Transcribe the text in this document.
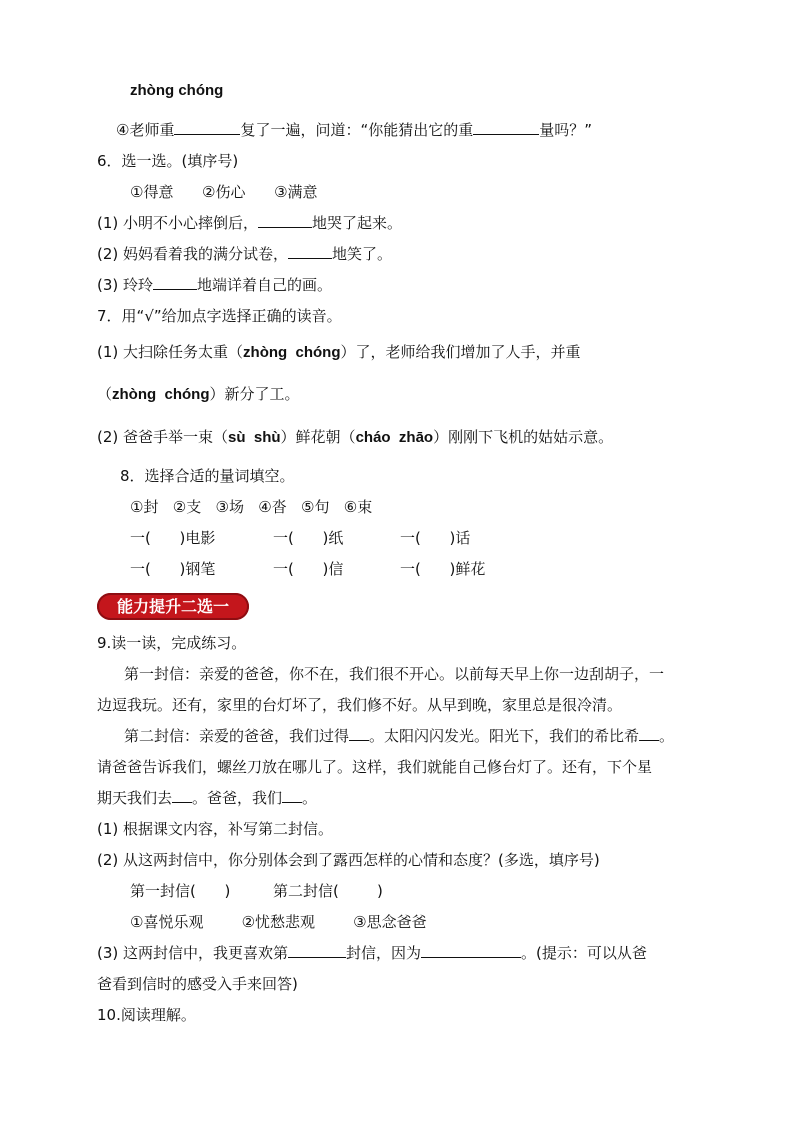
zhòng chóng
④老师重	复了一遍，问道：“你能猜出它的重	量吗？”
6．选一选。(填序号)
①得意      ②伤心      ③满意
(1) 小明不小心摔倒后，	地哭了起来。
(2) 妈妈看着我的满分试卷，	地笑了。
(3) 玲玲	地端详着自己的画。
7．用“√”给加点字选择正确的读音。
(1) 大扫除任务太重（zhòng  chóng）了，老师给我们增加了人手，并重
（zhòng  chóng）新分了工。
(2) 爸爸手举一束（sù  shù）鲜花朝（cháo  zhāo）刚刚下飞机的姑姑示意。
8．选择合适的量词填空。
①封   ②支   ③场   ④沓   ⑤句   ⑥束
一(      )电影	一(      )纸	一(      )话
一(      )钢笔	一(      )信	一(      )鲜花
能力提升二选一
9.读一读，完成练习。
第一封信：亲爱的爸爸，你不在，我们很不开心。以前每天早上你一边刮胡子，一
边逗我玩。还有，家里的台灯坏了，我们修不好。从早到晚，家里总是很冷清。
第二封信：亲爱的爸爸，我们过得 。太阳闪闪发光。阳光下，我们的希比希 。
请爸爸告诉我们，螺丝刀放在哪儿了。这样，我们就能自己修台灯了。还有，下个星
期天我们去 。爸爸，我们 。
(1) 根据课文内容，补写第二封信。
(2) 从这两封信中，你分别体会到了露西怎样的心情和态度？(多选，填序号)
第一封信(      )	第二封信(        )
①喜悦乐观        ②忧愁悲观        ③思念爸爸
(3) 这两封信中，我更喜欢第	封信，因为	。(提示：可以从爸
爸看到信时的感受入手来回答)
10.阅读理解。
